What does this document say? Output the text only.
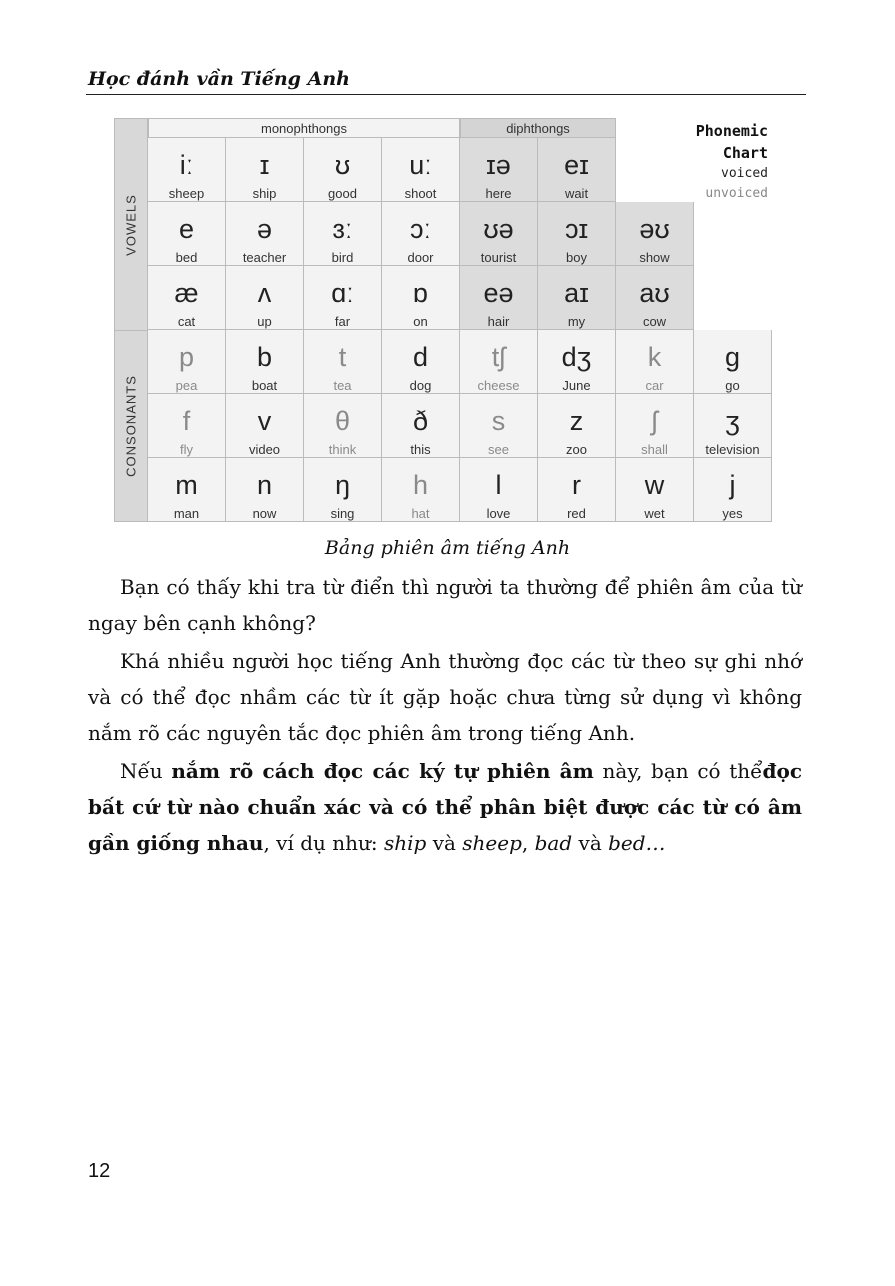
Học đánh vần Tiếng Anh
VOWELS
CONSONANTS
monophthongs	diphthongs	Phonemic
Chart
voiced
unvoiced
iː
sheep
ɪ
ship
ʊ
good
uː
shoot
ɪə
here
eɪ
wait
e
bed
ə
teacher
ɜː
bird
ɔː
door
ʊə
tourist
ɔɪ
boy
əʊ
show
æ
cat
ʌ
up
ɑː
far
ɒ
on
eə
hair
aɪ
my
aʊ
cow
p
pea
b
boat
t
tea
d
dog
tʃ
cheese
dʒ
June
k
car
g
go
f
fly
v
video
θ
think
ð
this
s
see
z
zoo
ʃ
shall
ʒ
television
m
man
n
now
ŋ
sing
h
hat
l
love
r
red
w
wet
j
yes
Bảng phiên âm tiếng Anh
Bạn có thấy khi tra từ điển thì người ta thường để phiên âm của từ ngay bên cạnh không?
Khá nhiều người học tiếng Anh thường đọc các từ theo sự ghi nhớ và có thể đọc nhầm các từ ít gặp hoặc chưa từng sử dụng vì không nắm rõ các nguyên tắc đọc phiên âm trong tiếng Anh.
Nếu nắm rõ cách đọc các ký tự phiên âm này, bạn có thểđọc bất cứ từ nào chuẩn xác và có thể phân biệt được các từ có âm gần giống nhau, ví dụ như: ship và sheep, bad và bed…
12
